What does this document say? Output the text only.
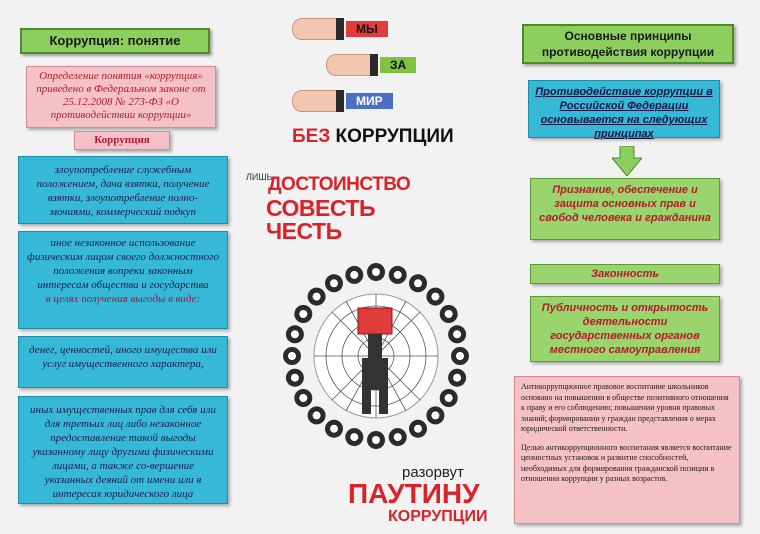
Коррупция: понятие
Определение понятия «коррупция» приведено в Федеральном законе от 25.12.2008 № 273-ФЗ «О противодействии коррупции»
Коррупция
злоупотребление служебным положением, дача взятки, получение взятки, злоупотребление полно-мочиями, коммерческий подкуп
иное незаконное использование физическим лицом своего должностного положения вопреки законным интересам общества и государства
в целях получения выгоды в виде:
денег, ценностей, иного имущества или услуг имущественного характера,
иных имущественных прав для себя или для третьих лиц либо незаконное предоставление такой выгоды указанному лицу другими физическими лицами, а также со-вершение указанных деяний от имени или в интересах юридического лица
МЫ
ЗА
МИР
БЕЗ КОРРУПЦИИ
ЛИШЬ
ДОСТОИНСТВО
СОВЕСТЬ
ЧЕСТЬ
разорвут
ПАУТИНУ
КОРРУПЦИИ
Основные принципы противодействия коррупции
Противодействие коррупции в Российской Федерации основывается на следующих принципах
Признание, обеспечение и защита основных прав и свобод человека и гражданина
Законность
Публичность и открытость деятельности государственных органов местного самоуправления
Антикоррупционное правовое воспитание школьников основано на повышении в обществе позитивного отношения к праву и его соблюдению; повышении уровня правовых знаний; формировании у граждан представления о мерах юридической ответственности.
Целью антикоррупционного воспитания является воспитание ценностных установок и развитие способностей, необходимых для формирования гражданской позиции в отношении коррупции у разных возрастов.
